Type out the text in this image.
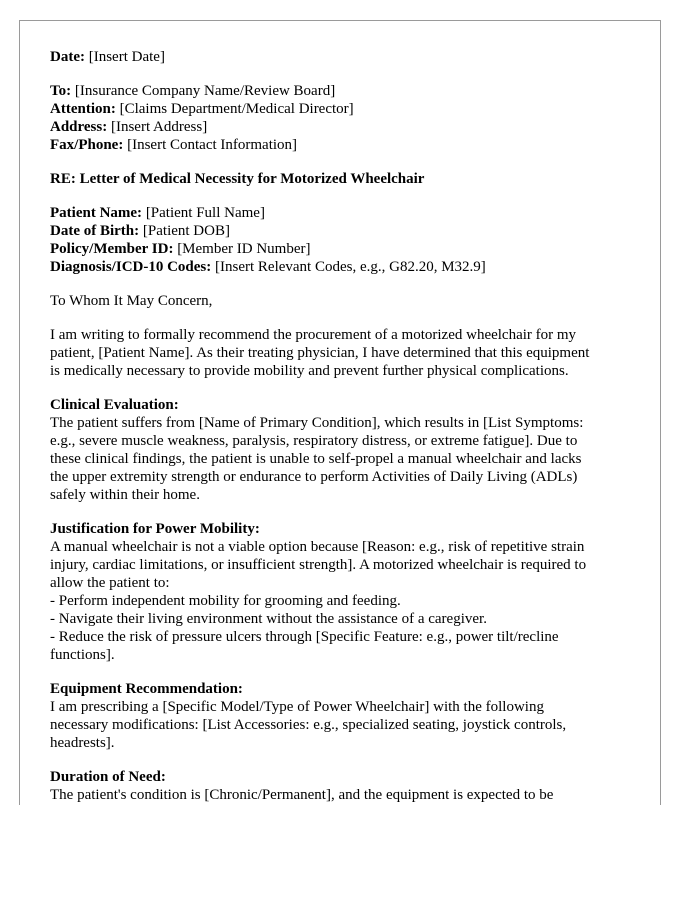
Date: [Insert Date]
To: [Insurance Company Name/Review Board]
Attention: [Claims Department/Medical Director]
Address: [Insert Address]
Fax/Phone: [Insert Contact Information]
RE: Letter of Medical Necessity for Motorized Wheelchair
Patient Name: [Patient Full Name]
Date of Birth: [Patient DOB]
Policy/Member ID: [Member ID Number]
Diagnosis/ICD-10 Codes: [Insert Relevant Codes, e.g., G82.20, M32.9]
To Whom It May Concern,
I am writing to formally recommend the procurement of a motorized wheelchair for my
patient, [Patient Name]. As their treating physician, I have determined that this equipment
is medically necessary to provide mobility and prevent further physical complications.
Clinical Evaluation:
The patient suffers from [Name of Primary Condition], which results in [List Symptoms:
e.g., severe muscle weakness, paralysis, respiratory distress, or extreme fatigue]. Due to
these clinical findings, the patient is unable to self-propel a manual wheelchair and lacks
the upper extremity strength or endurance to perform Activities of Daily Living (ADLs)
safely within their home.
Justification for Power Mobility:
A manual wheelchair is not a viable option because [Reason: e.g., risk of repetitive strain
injury, cardiac limitations, or insufficient strength]. A motorized wheelchair is required to
allow the patient to:
- Perform independent mobility for grooming and feeding.
- Navigate their living environment without the assistance of a caregiver.
- Reduce the risk of pressure ulcers through [Specific Feature: e.g., power tilt/recline
functions].
Equipment Recommendation:
I am prescribing a [Specific Model/Type of Power Wheelchair] with the following
necessary modifications: [List Accessories: e.g., specialized seating, joystick controls,
headrests].
Duration of Need:
The patient's condition is [Chronic/Permanent], and the equipment is expected to be
